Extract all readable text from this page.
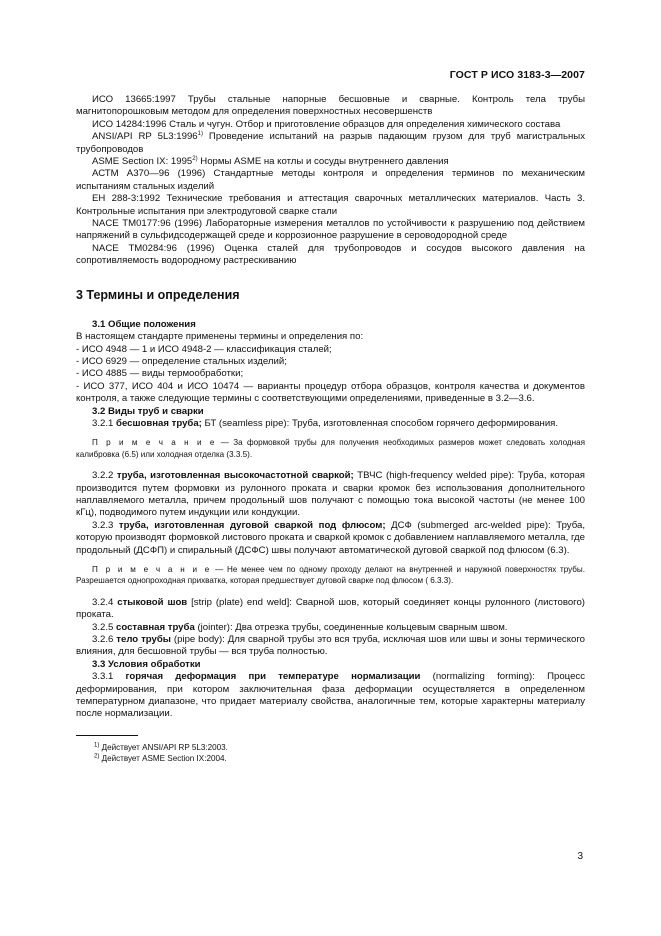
ГОСТ Р ИСО 3183-3—2007

ИСО 13665:1997 Трубы стальные напорные бесшовные и сварные. Контроль тела трубы магнитопорошковым методом для определения поверхностных несовершенств

ИСО 14284:1996 Сталь и чугун. Отбор и приготовление образцов для определения химического состава

ANSI/API RP 5L3:1996$^{1)}$ Проведение испытаний на разрыв падающим грузом для труб магистральных трубопроводов

ASME Section IX: 1995$^{2)}$ Нормы ASME на котлы и сосуды внутреннего давления

АСТМ А370—96 (1996) Стандартные методы контроля и определения терминов по механическим испытаниям стальных изделий

ЕН 288-3:1992 Технические требования и аттестация сварочных металлических материалов. Часть 3. Контрольные испытания при электродуговой сварке стали

NACE ТМ0177:96 (1996) Лабораторные измерения металлов по устойчивости к разрушению под действием напряжений в сульфидсодержащей среде и коррозионное разрушение в сероводородной среде

NACE ТМ0284:96 (1996) Оценка сталей для трубопроводов и сосудов высокого давления на сопротивляемость водородному растрескиванию

3 Термины и определения

3.1 Общие положения

В настоящем стандарте применены термины и определения по:

- ИСО 4948 — 1 и ИСО 4948-2 — классификация сталей;

- ИСО 6929 — определение стальных изделий;

- ИСО 4885 — виды термообработки;

- ИСО 377, ИСО 404 и ИСО 10474 — варианты процедур отбора образцов, контроля качества и документов контроля, а также следующие термины с соответствующими определениями, приведенные в 3.2—3.6.

3.2 Виды труб и сварки

3.2.1 бесшовная труба; БТ (seamless pipe): Труба, изготовленная способом горячего деформирования.

П р и м е ч а н и е — За формовкой трубы для получения необходимых размеров может следовать холодная калибровка (6.5) или холодная отделка (3.3.5).

3.2.2 труба, изготовленная высокочастотной сваркой; ТВЧС (high-frequency welded pipe): Труба, которая производится путем формовки из рулонного проката и сварки кромок без использования дополнительного наплавляемого металла, причем продольный шов получают с помощью тока высокой частоты (не менее 100 кГц), подводимого путем индукции или кондукции.

3.2.3 труба, изготовленная дуговой сваркой под флюсом; ДСФ (submerged arc-welded pipe): Труба, которую производят формовкой листового проката и сваркой кромок с добавлением наплавляемого металла, где продольный (ДСФП) и спиральный (ДСФС) швы получают автоматической дуговой сваркой под флюсом (6.3).

П р и м е ч а н и е — Не менее чем по одному проходу делают на внутренней и наружной поверхностях трубы. Разрешается однопроходная прихватка, которая предшествует дуговой сварке под флюсом ( 6.3.3).

3.2.4 стыковой шов [strip (plate) end weld]: Сварной шов, который соединяет концы рулонного (листового) проката.

3.2.5 составная труба (jointer): Два отрезка трубы, соединенные кольцевым сварным швом.

3.2.6 тело трубы (pipe body): Для сварной трубы это вся труба, исключая шов или швы и зоны термического влияния, для бесшовной трубы — вся труба полностью.

3.3 Условия обработки

3.3.1 горячая деформация при температуре нормализации (normalizing forming): Процесс деформирования, при котором заключительная фаза деформации осуществляется в определенном температурном диапазоне, что придает материалу свойства, аналогичные тем, которые характерны материалу после нормализации.

$^{1)}$ Действует ANSI/API RP 5L3:2003.

$^{2)}$ Действует ASME Section IX:2004.

3
